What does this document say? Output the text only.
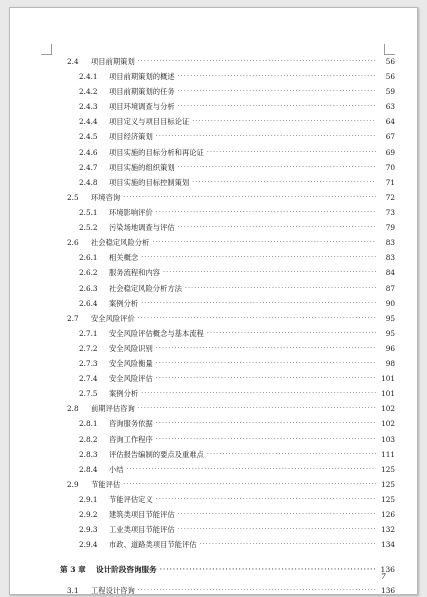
2.4	项目前期策划 ·····	56
2.4.1	项目前期策划的概述 ·····	56
2.4.2	项目前期策划的任务 ·····	59
2.4.3	项目环境调查与分析 ·····	63
2.4.4	项目定义与项目目标论证 ·····	64
2.4.5	项目经济策划 ·····	67
2.4.6	项目实施的目标分析和再论证 ·····	69
2.4.7	项目实施的组织策划 ·····	70
2.4.8	项目实施的目标控制策划 ·····	71
2.5	环境咨询 ·····	72
2.5.1	环境影响评价 ·····	73
2.5.2	污染场地调查与评估 ·····	79
2.6	社会稳定风险分析 ·····	83
2.6.1	相关概念 ·····	83
2.6.2	服务流程和内容 ·····	84
2.6.3	社会稳定风险分析方法 ·····	87
2.6.4	案例分析 ·····	90
2.7	安全风险评价 ·····	95
2.7.1	安全风险评估概念与基本流程 ·····	95
2.7.2	安全风险识别 ·····	96
2.7.3	安全风险衡量 ·····	98
2.7.4	安全风险评估 ·····	101
2.7.5	案例分析 ·····	101
2.8	前期评估咨询 ·····	102
2.8.1	咨询服务依据 ·····	102
2.8.2	咨询工作程序 ·····	103
2.8.3	评估报告编制的要点及重难点 ·····	111
2.8.4	小结 ·····	125
2.9	节能评估 ·····	125
2.9.1	节能评估定义 ·····	125
2.9.2	建筑类项目节能评估 ·····	126
2.9.3	工业类项目节能评估 ·····	132
2.9.4	市政、道路类项目节能评估 ·····	134
第 3 章	设计阶段咨询服务 ·····	136
3.1	工程设计咨询 ·····	136
7
